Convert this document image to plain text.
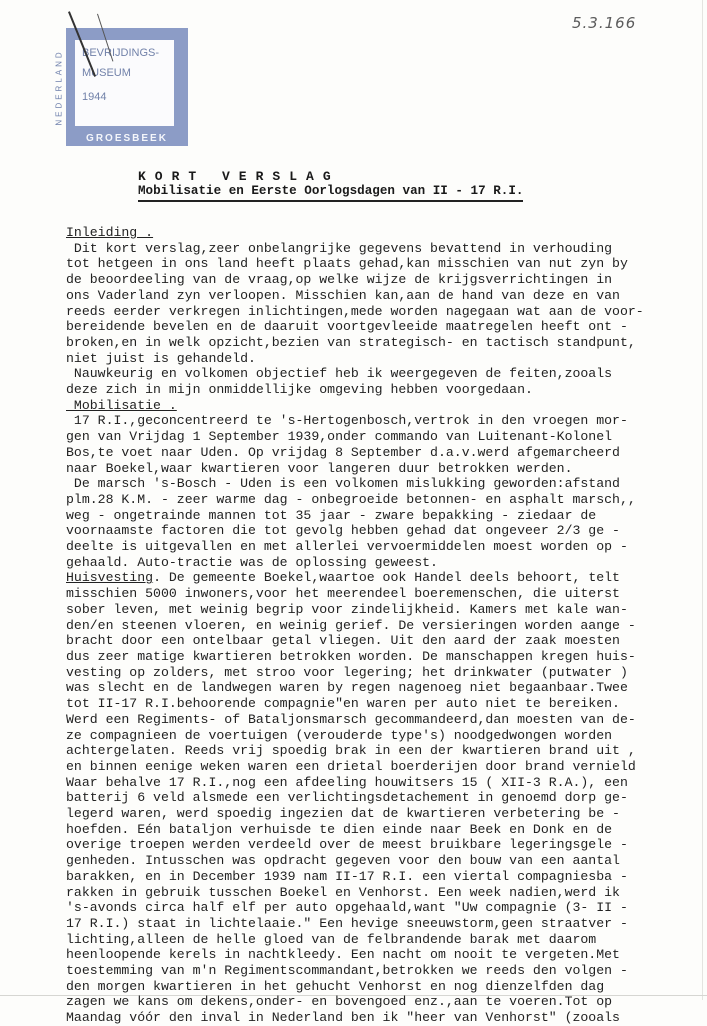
NEDERLAND BEVRIJDINGS-
MUSEUM
1944
GROESBEEK
5.3.166
KORT VERSLAG
Mobilisatie en Eerste Oorlogsdagen van II - 17 R.I.
Inleiding .
Dit kort verslag,zeer onbelangrijke gegevens bevattend in verhouding
tot hetgeen in ons land heeft plaats gehad,kan misschien van nut zyn by
de beoordeeling van de vraag,op welke wijze de krijgsverrichtingen in
ons Vaderland zyn verloopen. Misschien kan,aan de hand van deze en van
reeds eerder verkregen inlichtingen,mede worden nagegaan wat aan de voor-
bereidende bevelen en de daaruit voortgevleeide maatregelen heeft ont -
broken,en in welk opzicht,bezien van strategisch- en tactisch standpunt,
niet juist is gehandeld.
Nauwkeurig en volkomen objectief heb ik weergegeven de feiten,zooals
deze zich in mijn onmiddellijke omgeving hebben voorgedaan.
Mobilisatie .
17 R.I.,geconcentreerd te 's-Hertogenbosch,vertrok in den vroegen mor-
gen van Vrijdag 1 September 1939,onder commando van Luitenant-Kolonel
Bos,te voet naar Uden. Op vrijdag 8 September d.a.v.werd afgemarcheerd
naar Boekel,waar kwartieren voor langeren duur betrokken werden.
De marsch 's-Bosch - Uden is een volkomen mislukking geworden:afstand
plm.28 K.M. - zeer warme dag - onbegroeide betonnen- en asphalt marsch,,
weg - ongetrainde mannen tot 35 jaar - zware bepakking - ziedaar de
voornaamste factoren die tot gevolg hebben gehad dat ongeveer 2/3 ge -
deelte is uitgevallen en met allerlei vervoermiddelen moest worden op -
gehaald. Auto-tractie was de oplossing geweest.
Huisvesting. De gemeente Boekel,waartoe ook Handel deels behoort, telt
misschien 5000 inwoners,voor het meerendeel boeremenschen, die uiterst
sober leven, met weinig begrip voor zindelijkheid. Kamers met kale wan-
den/en steenen vloeren, en weinig gerief. De versieringen worden aange -
bracht door een ontelbaar getal vliegen. Uit den aard der zaak moesten
dus zeer matige kwartieren betrokken worden. De manschappen kregen huis-
vesting op zolders, met stroo voor legering; het drinkwater (putwater )
was slecht en de landwegen waren by regen nagenoeg niet begaanbaar.Twee
tot II-17 R.I.behoorende compagnie"en waren per auto niet te bereiken.
Werd een Regiments- of Bataljonsmarsch gecommandeerd,dan moesten van de-
ze compagnieen de voertuigen (verouderde type's) noodgedwongen worden
achtergelaten. Reeds vrij spoedig brak in een der kwartieren brand uit ,
en binnen eenige weken waren een drietal boerderijen door brand vernield
Waar behalve 17 R.I.,nog een afdeeling houwitsers 15 ( XII-3 R.A.), een
batterij 6 veld alsmede een verlichtingsdetachement in genoemd dorp ge-
legerd waren, werd spoedig ingezien dat de kwartieren verbetering be -
hoefden. Eén bataljon verhuisde te dien einde naar Beek en Donk en de
overige troepen werden verdeeld over de meest bruikbare legeringsgele -
genheden. Intusschen was opdracht gegeven voor den bouw van een aantal
barakken, en in December 1939 nam II-17 R.I. een viertal compagniesba -
rakken in gebruik tusschen Boekel en Venhorst. Een week nadien,werd ik
's-avonds circa half elf per auto opgehaald,want "Uw compagnie (3- II -
17 R.I.) staat in lichtelaaie." Een hevige sneeuwstorm,geen straatver -
lichting,alleen de helle gloed van de felbrandende barak met daarom
heenloopende kerels in nachtkleedy. Een nacht om nooit te vergeten.Met
toestemming van m'n Regimentscommandant,betrokken we reeds den volgen -
den morgen kwartieren in het gehucht Venhorst en nog dienzelfden dag
zagen we kans om dekens,onder- en bovengoed enz.,aan te voeren.Tot op
Maandag vóór den inval in Nederland ben ik "heer van Venhorst" (zooals
